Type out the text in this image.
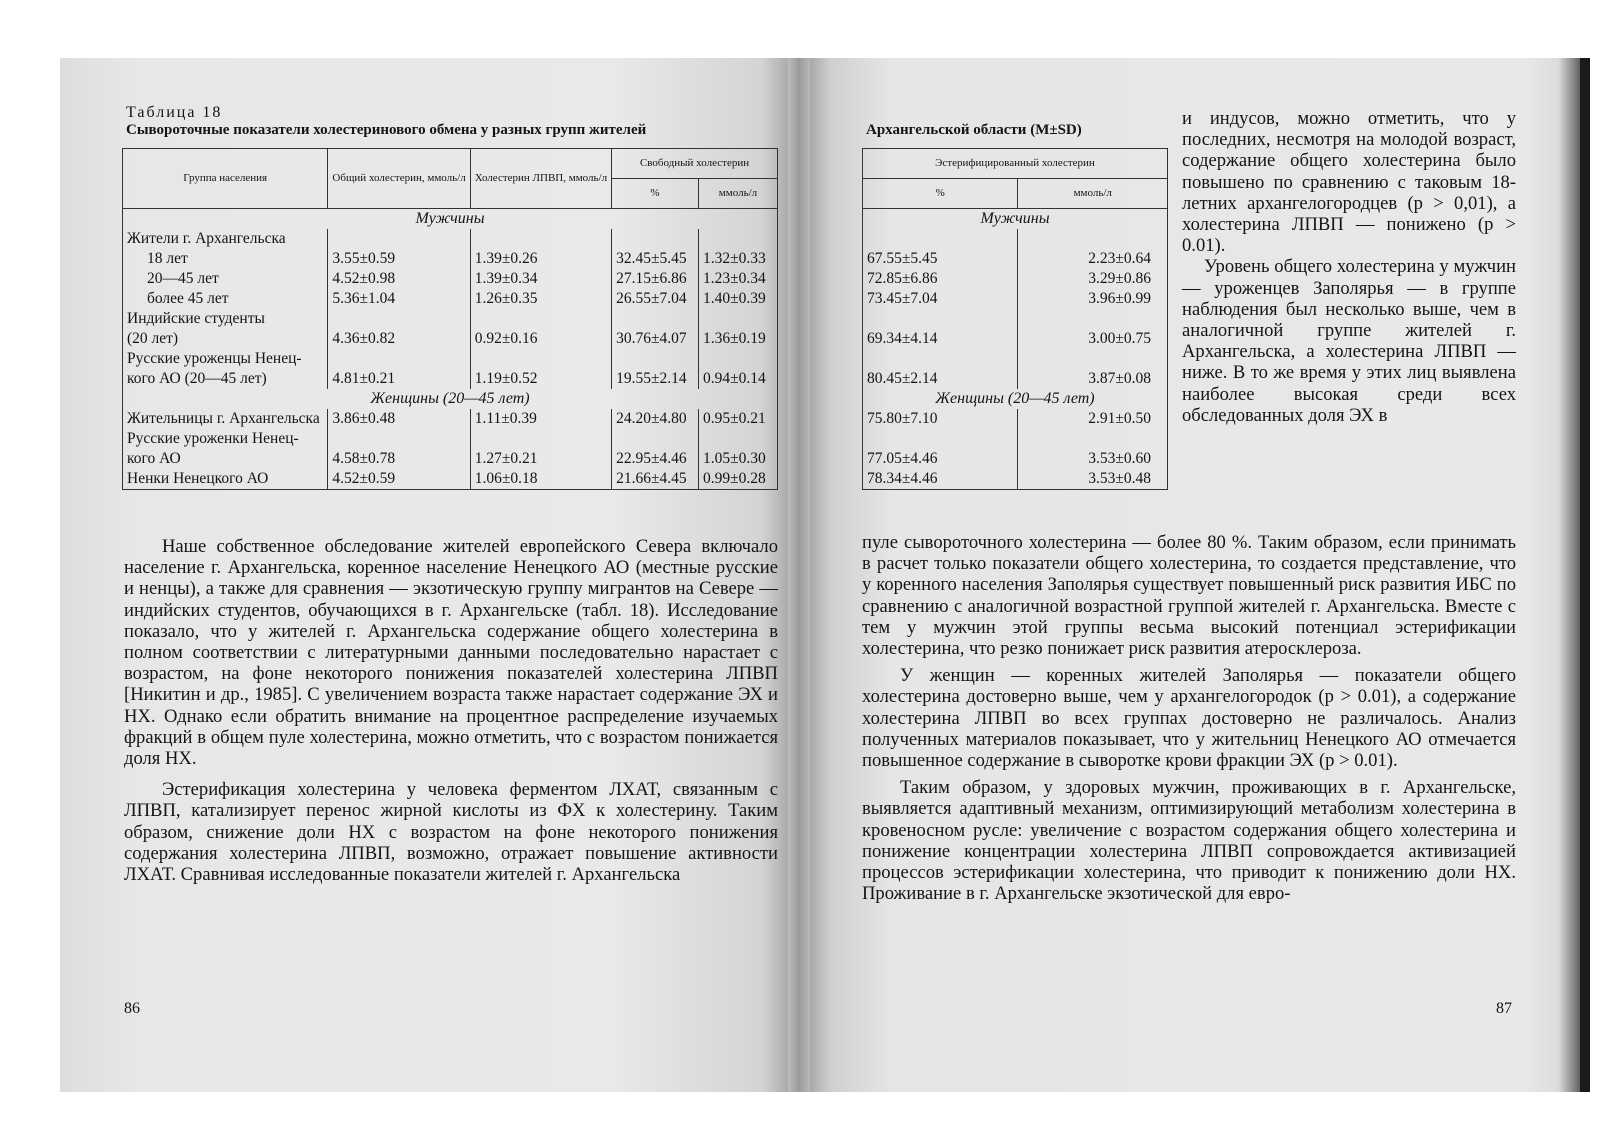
Таблица 18
Сывороточные показатели холестеринового обмена у разных групп жителей
Группа населения	Общий холестерин, ммоль/л	Холестерин ЛПВП, ммоль/л	Свободный холестерин	
			%	ммоль/л
Мужчины				
Жители г. Архангельска				
18 лет	3.55±0.59	1.39±0.26	32.45±5.45	1.32±0.33
20—45 лет	4.52±0.98	1.39±0.34	27.15±6.86	1.23±0.34
более 45 лет	5.36±1.04	1.26±0.35	26.55±7.04	1.40±0.39
Индийские студенты				
(20 лет)	4.36±0.82	0.92±0.16	30.76±4.07	1.36±0.19
Русские уроженцы Ненец-				
кого АО (20—45 лет)	4.81±0.21	1.19±0.52	19.55±2.14	0.94±0.14
Женщины (20—45 лет)				
Жительницы г. Архангельска	3.86±0.48	1.11±0.39	24.20±4.80	0.95±0.21
Русские уроженки Ненец-				
кого АО	4.58±0.78	1.27±0.21	22.95±4.46	1.05±0.30
Ненки Ненецкого АО	4.52±0.59	1.06±0.18	21.66±4.45	0.99±0.28

Наше собственное обследование жителей европейского Севера включало население г. Архангельска, коренное население Ненецкого АО (местные русские и ненцы), а также для сравнения — экзотическую группу мигрантов на Севере — индийских студентов, обучающихся в г. Архангельске (табл. 18). Исследование показало, что у жителей г. Архангельска содержание общего холестерина в полном соответствии с литературными данными последовательно нарастает с возрастом, на фоне некоторого понижения показателей холестерина ЛПВП [Никитин и др., 1985]. С увеличением возраста также нарастает содержание ЭХ и НХ. Однако если обратить внимание на процентное распределение изучаемых фракций в общем пуле холестерина, можно отметить, что с возрастом понижается доля НХ.

Эстерификация холестерина у человека ферментом ЛХАТ, связанным с ЛПВП, катализирует перенос жирной кислоты из ФХ к холестерину. Таким образом, снижение доли НХ с возрастом на фоне некоторого понижения содержания холестерина ЛПВП, возможно, отражает повышение активности ЛХАТ. Сравнивая исследованные показатели жителей г. Архангельска

86
Архангельской области (M±SD)
Эстерифицированный холестерин	
%	ммоль/л
Мужчины	

67.55±5.45	2.23±0.64
72.85±6.86	3.29±0.86
73.45±7.04	3.96±0.99

69.34±4.14	3.00±0.75

80.45±2.14	3.87±0.08
Женщины (20—45 лет)	
75.80±7.10	2.91±0.50

77.05±4.46	3.53±0.60
78.34±4.46	3.53±0.48

и индусов, можно отметить, что у последних, несмотря на молодой возраст, содержание общего холестерина было повышено по сравнению с таковым 18-летних архангелогородцев (p > 0,01), а холестерина ЛПВП — понижено (p > 0.01).

Уровень общего холестерина у мужчин — уроженцев Заполярья — в группе наблюдения был несколько выше, чем в аналогичной группе жителей г. Архангельска, а холестерина ЛПВП — ниже. В то же время у этих лиц выявлена наиболее высокая среди всех обследованных доля ЭХ в

пуле сывороточного холестерина — более 80 %. Таким образом, если принимать в расчет только показатели общего холестерина, то создается представление, что у коренного населения Заполярья существует повышенный риск развития ИБС по сравнению с аналогичной возрастной группой жителей г. Архангельска. Вместе с тем у мужчин этой группы весьма высокий потенциал эстерификации холестерина, что резко понижает риск развития атеросклероза.

У женщин — коренных жителей Заполярья — показатели общего холестерина достоверно выше, чем у архангелогородок (p > 0.01), а содержание холестерина ЛПВП во всех группах достоверно не различалось. Анализ полученных материалов показывает, что у жительниц Ненецкого АО отмечается повышенное содержание в сыворотке крови фракции ЭХ (p > 0.01).

Таким образом, у здоровых мужчин, проживающих в г. Архангельске, выявляется адаптивный механизм, оптимизирующий метаболизм холестерина в кровеносном русле: увеличение с возрастом содержания общего холестерина и понижение концентрации холестерина ЛПВП сопровождается активизацией процессов эстерификации холестерина, что приводит к понижению доли НХ. Проживание в г. Архангельске экзотической для евро-

87
